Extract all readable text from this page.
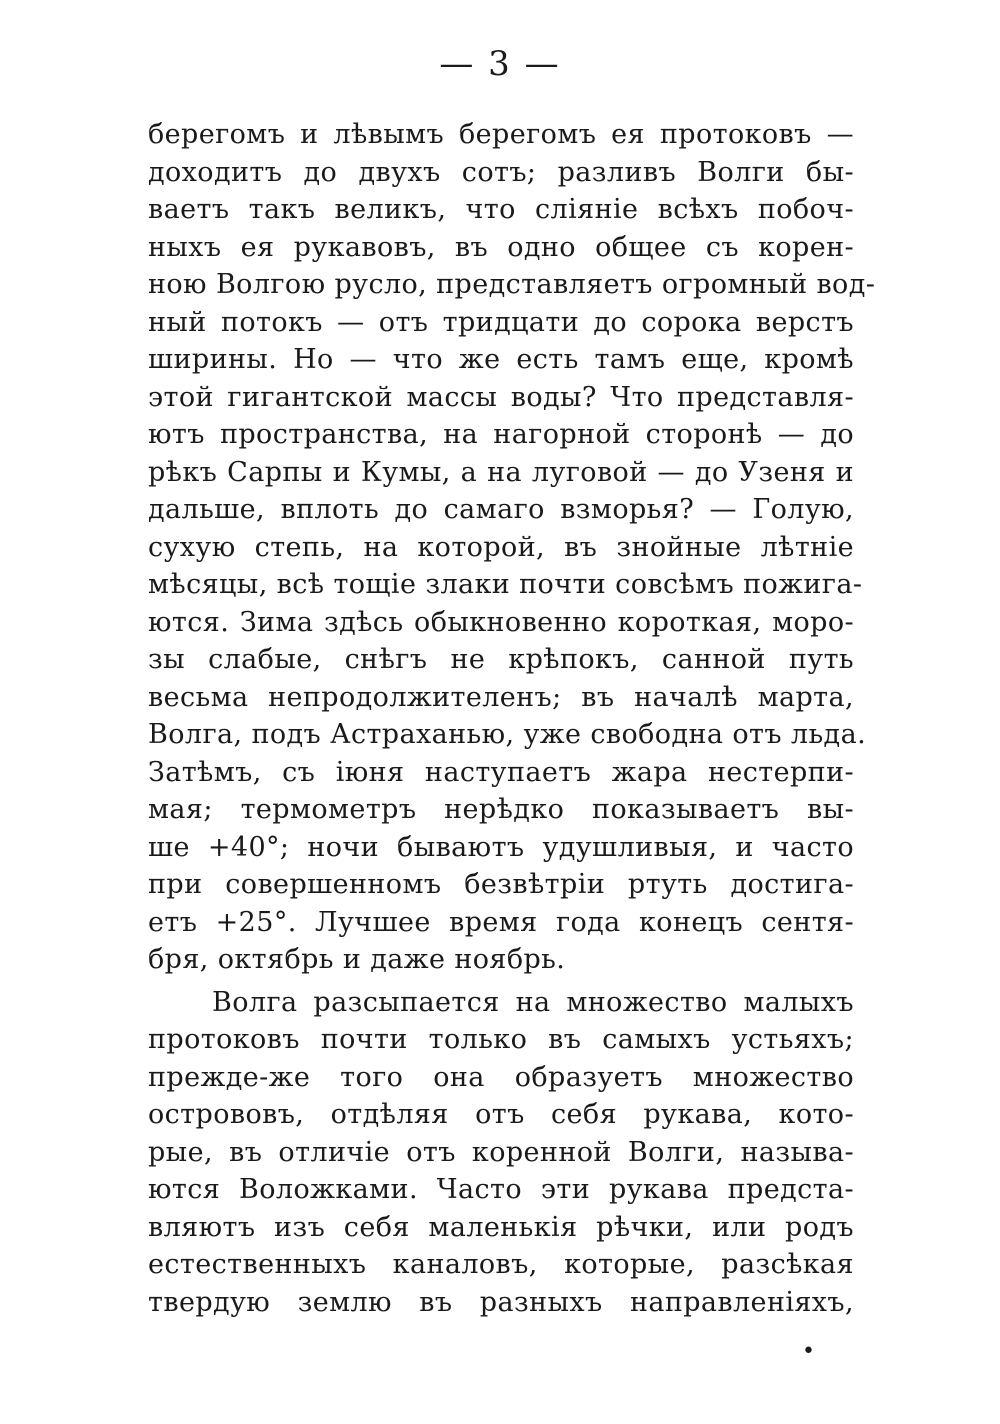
— 3 —
берегомъ и лѣвымъ берегомъ ея протоковъ —
доходитъ до двухъ сотъ; разливъ Волги бы-
ваетъ такъ великъ, что сліяніе всѣхъ побоч-
ныхъ ея рукавовъ, въ одно общее съ корен-
ною Волгою русло, представляетъ огромный вод-
ный потокъ — отъ тридцати до сорока верстъ
ширины. Но — что же есть тамъ еще, кромѣ
этой гигантской массы воды? Что представля-
ютъ пространства, на нагорной сторонѣ — до
рѣкъ Сарпы и Кумы, а на луговой — до Узеня и
дальше, вплоть до самаго взморья? — Голую,
сухую степь, на которой, въ знойные лѣтніе
мѣсяцы, всѣ тощіе злаки почти совсѣмъ пожига-
ются. Зима здѣсь обыкновенно короткая, моро-
зы слабые, снѣгъ не крѣпокъ, санной путь
весьма непродолжителенъ; въ началѣ марта,
Волга, подъ Астраханью, уже свободна отъ льда.
Затѣмъ, съ іюня наступаетъ жара нестерпи-
мая; термометръ нерѣдко показываетъ вы-
ше +40°; ночи бываютъ удушливыя, и часто
при совершенномъ безвѣтріи ртуть достига-
етъ +25°. Лучшее время года конецъ сентя-
бря, октябрь и даже ноябрь.
Волга разсыпается на множество малыхъ
протоковъ почти только въ самыхъ устьяхъ;
прежде-же того она образуетъ множество
острововъ, отдѣляя отъ себя рукава, кото-
рые, въ отличіе отъ коренной Волги, называ-
ются Воложками. Часто эти рукава предста-
вляютъ изъ себя маленькія рѣчки, или родъ
естественныхъ каналовъ, которые, разсѣкая
твердую землю въ разныхъ направленіяхъ,
•
